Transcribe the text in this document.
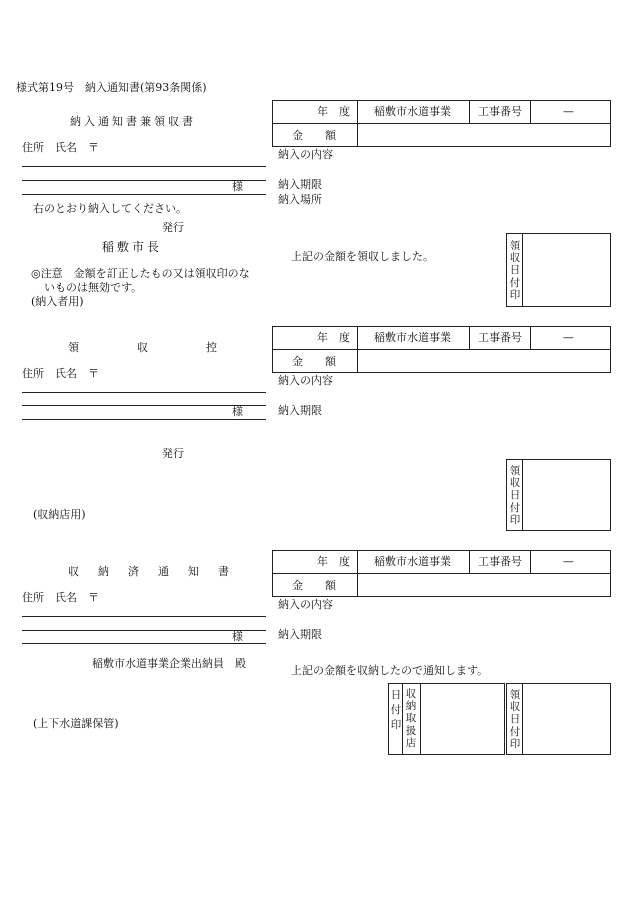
様式第19号　納入通知書(第93条関係)
納入通知書兼領収書
住所　氏名　〒
様
右のとおり納入してください。
発行
稲敷市長
◎注意　金額を訂正したもの又は領収印のな
いものは無効です。
(納入者用)
年　度 稲敷市水道事業 工事番号	—
金　　額
納入の内容
納入期限
納入場所
上記の金額を領収しました。
領収日付印
領収控
住所　氏名　〒
様
発行
(収納店用)
年　度 稲敷市水道事業 工事番号	—
金　　額
納入の内容
納入期限
領収日付印
収納済通知書
住所　氏名　〒
様
稲敷市水道事業企業出納員　殿
(上下水道課保管)
年　度 稲敷市水道事業 工事番号	—
金　　額
納入の内容
納入期限
上記の金額を収納したので通知します。
日付印
収納取扱店
領収日付印
